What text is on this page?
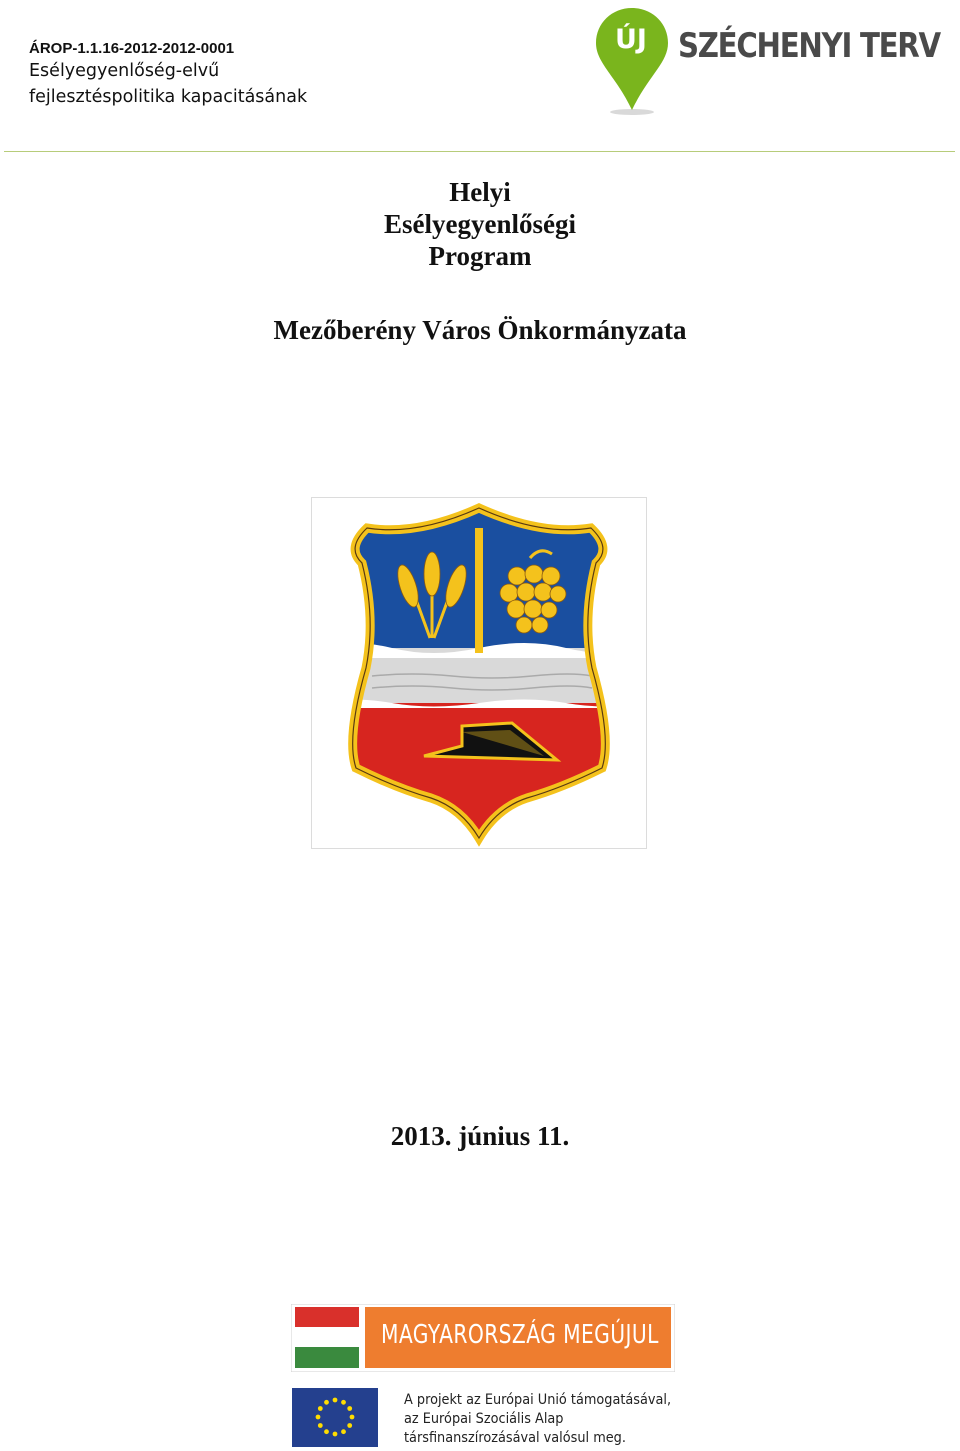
ÁROP-1.1.16-2012-2012-0001
Esélyegyenlőség-elvű
fejlesztéspolitika kapacitásának
ÚJ SZÉCHENYI TERV
Helyi
Esélyegyenlőségi
Program
Mezőberény Város Önkormányzata
2013. június 11.
MAGYARORSZÁG MEGÚJUL
A projekt az Európai Unió támogatásával,
az Európai Szociális Alap
társfinanszírozásával valósul meg.
